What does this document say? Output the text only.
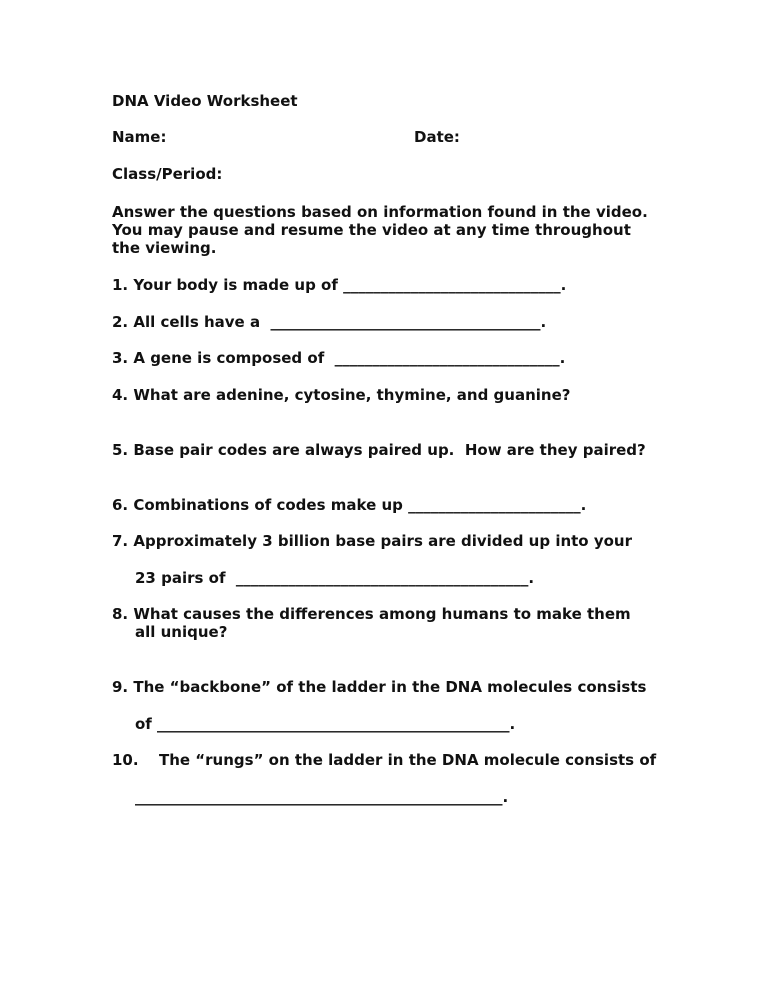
DNA Video Worksheet
Name:	Date:
Class/Period:
Answer the questions based on information found in the video.
You may pause and resume the video at any time throughout
the viewing.
1. Your body is made up of _____________________________.
2. All cells have a  ____________________________________.
3. A gene is composed of  ______________________________.
4. What are adenine, cytosine, thymine, and guanine?
5. Base pair codes are always paired up.  How are they paired?
6. Combinations of codes make up _______________________.
7. Approximately 3 billion base pairs are divided up into your
23 pairs of  _______________________________________.
8. What causes the differences among humans to make them
all unique?
9. The “backbone” of the ladder in the DNA molecules consists
of _______________________________________________.
10. The “rungs” on the ladder in the DNA molecule consists of
_________________________________________________.
